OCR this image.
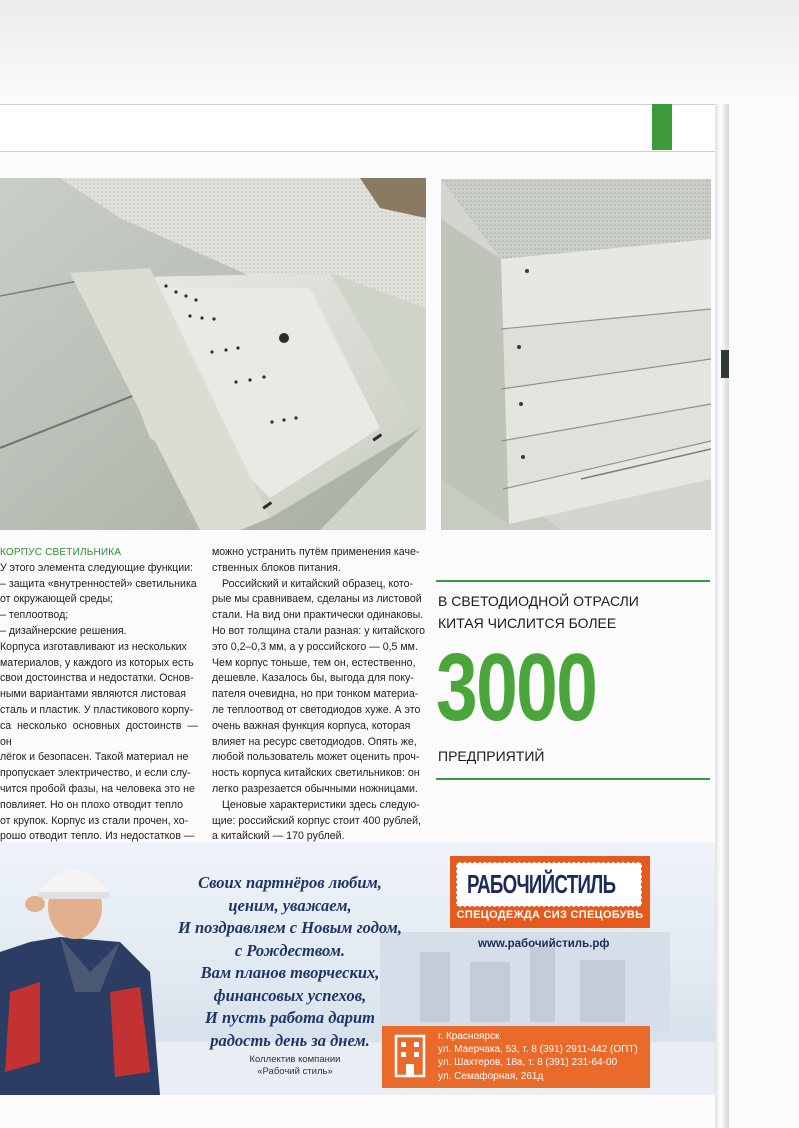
КОРПУС СВЕТИЛЬНИКА

У этого элемента следующие функции:

– защита «внутренностей» светильника

от окружающей среды;

– теплоотвод;

– дизайнерские решения.

Корпуса изготавливают из нескольких

материалов, у каждого из которых есть

свои достоинства и недостатки. Основ-

ными вариантами являются листовая

сталь и пластик. У пластикового корпу-

са несколько основных достоинств — он

лёгок и безопасен. Такой материал не

пропускает электричество, и если слу-

чится пробой фазы, на человека это не

повлияет. Но он плохо отводит тепло

от крупок. Корпус из стали прочен, хо-

рошо отводит тепло. Из недостатков —

можно устранить путём применения каче-

ственных блоков питания.

Российский и китайский образец, кото-

рые мы сравниваем, сделаны из листовой

стали. На вид они практически одинаковы.

Но вот толщина стали разная: у китайского

это 0,2–0,3 мм, а у российского — 0,5 мм.

Чем корпус тоньше, тем он, естественно,

дешевле. Казалось бы, выгода для поку-

пателя очевидна, но при тонком материа-

ле теплоотвод от светодиодов хуже. А это

очень важная функция корпуса, которая

влияет на ресурс светодиодов. Опять же,

любой пользователь может оценить проч-

ность корпуса китайских светильников: он

легко разрезается обычными ножницами.

Ценовые характеристики здесь следую-

щие: российский корпус стоит 400 рублей,

а китайский — 170 рублей.

В СВЕТОДИОДНОЙ ОТРАСЛИ
КИТАЯ ЧИСЛИТСЯ БОЛЕЕ
3000
ПРЕДПРИЯТИЙ
Своих партнёров любим,
ценим, уважаем,
И поздравляем с Новым годом,
с Рождеством.
Вам планов творческих,
финансовых успехов,
И пусть работа дарит
радость день за днем.
Коллектив компании
«Рабочий стиль»
РАБОЧИЙСТИЛЬ
СПЕЦОДЕЖДА СИЗ СПЕЦОБУВЬ
www.рабочийстиль.рф
г. Красноярск
ул. Маерчака, 53, т. 8 (391) 2911-442 (ОПТ)
ул. Шахтеров, 18а, т. 8 (391) 231-64-00
ул. Семафорная, 261д
